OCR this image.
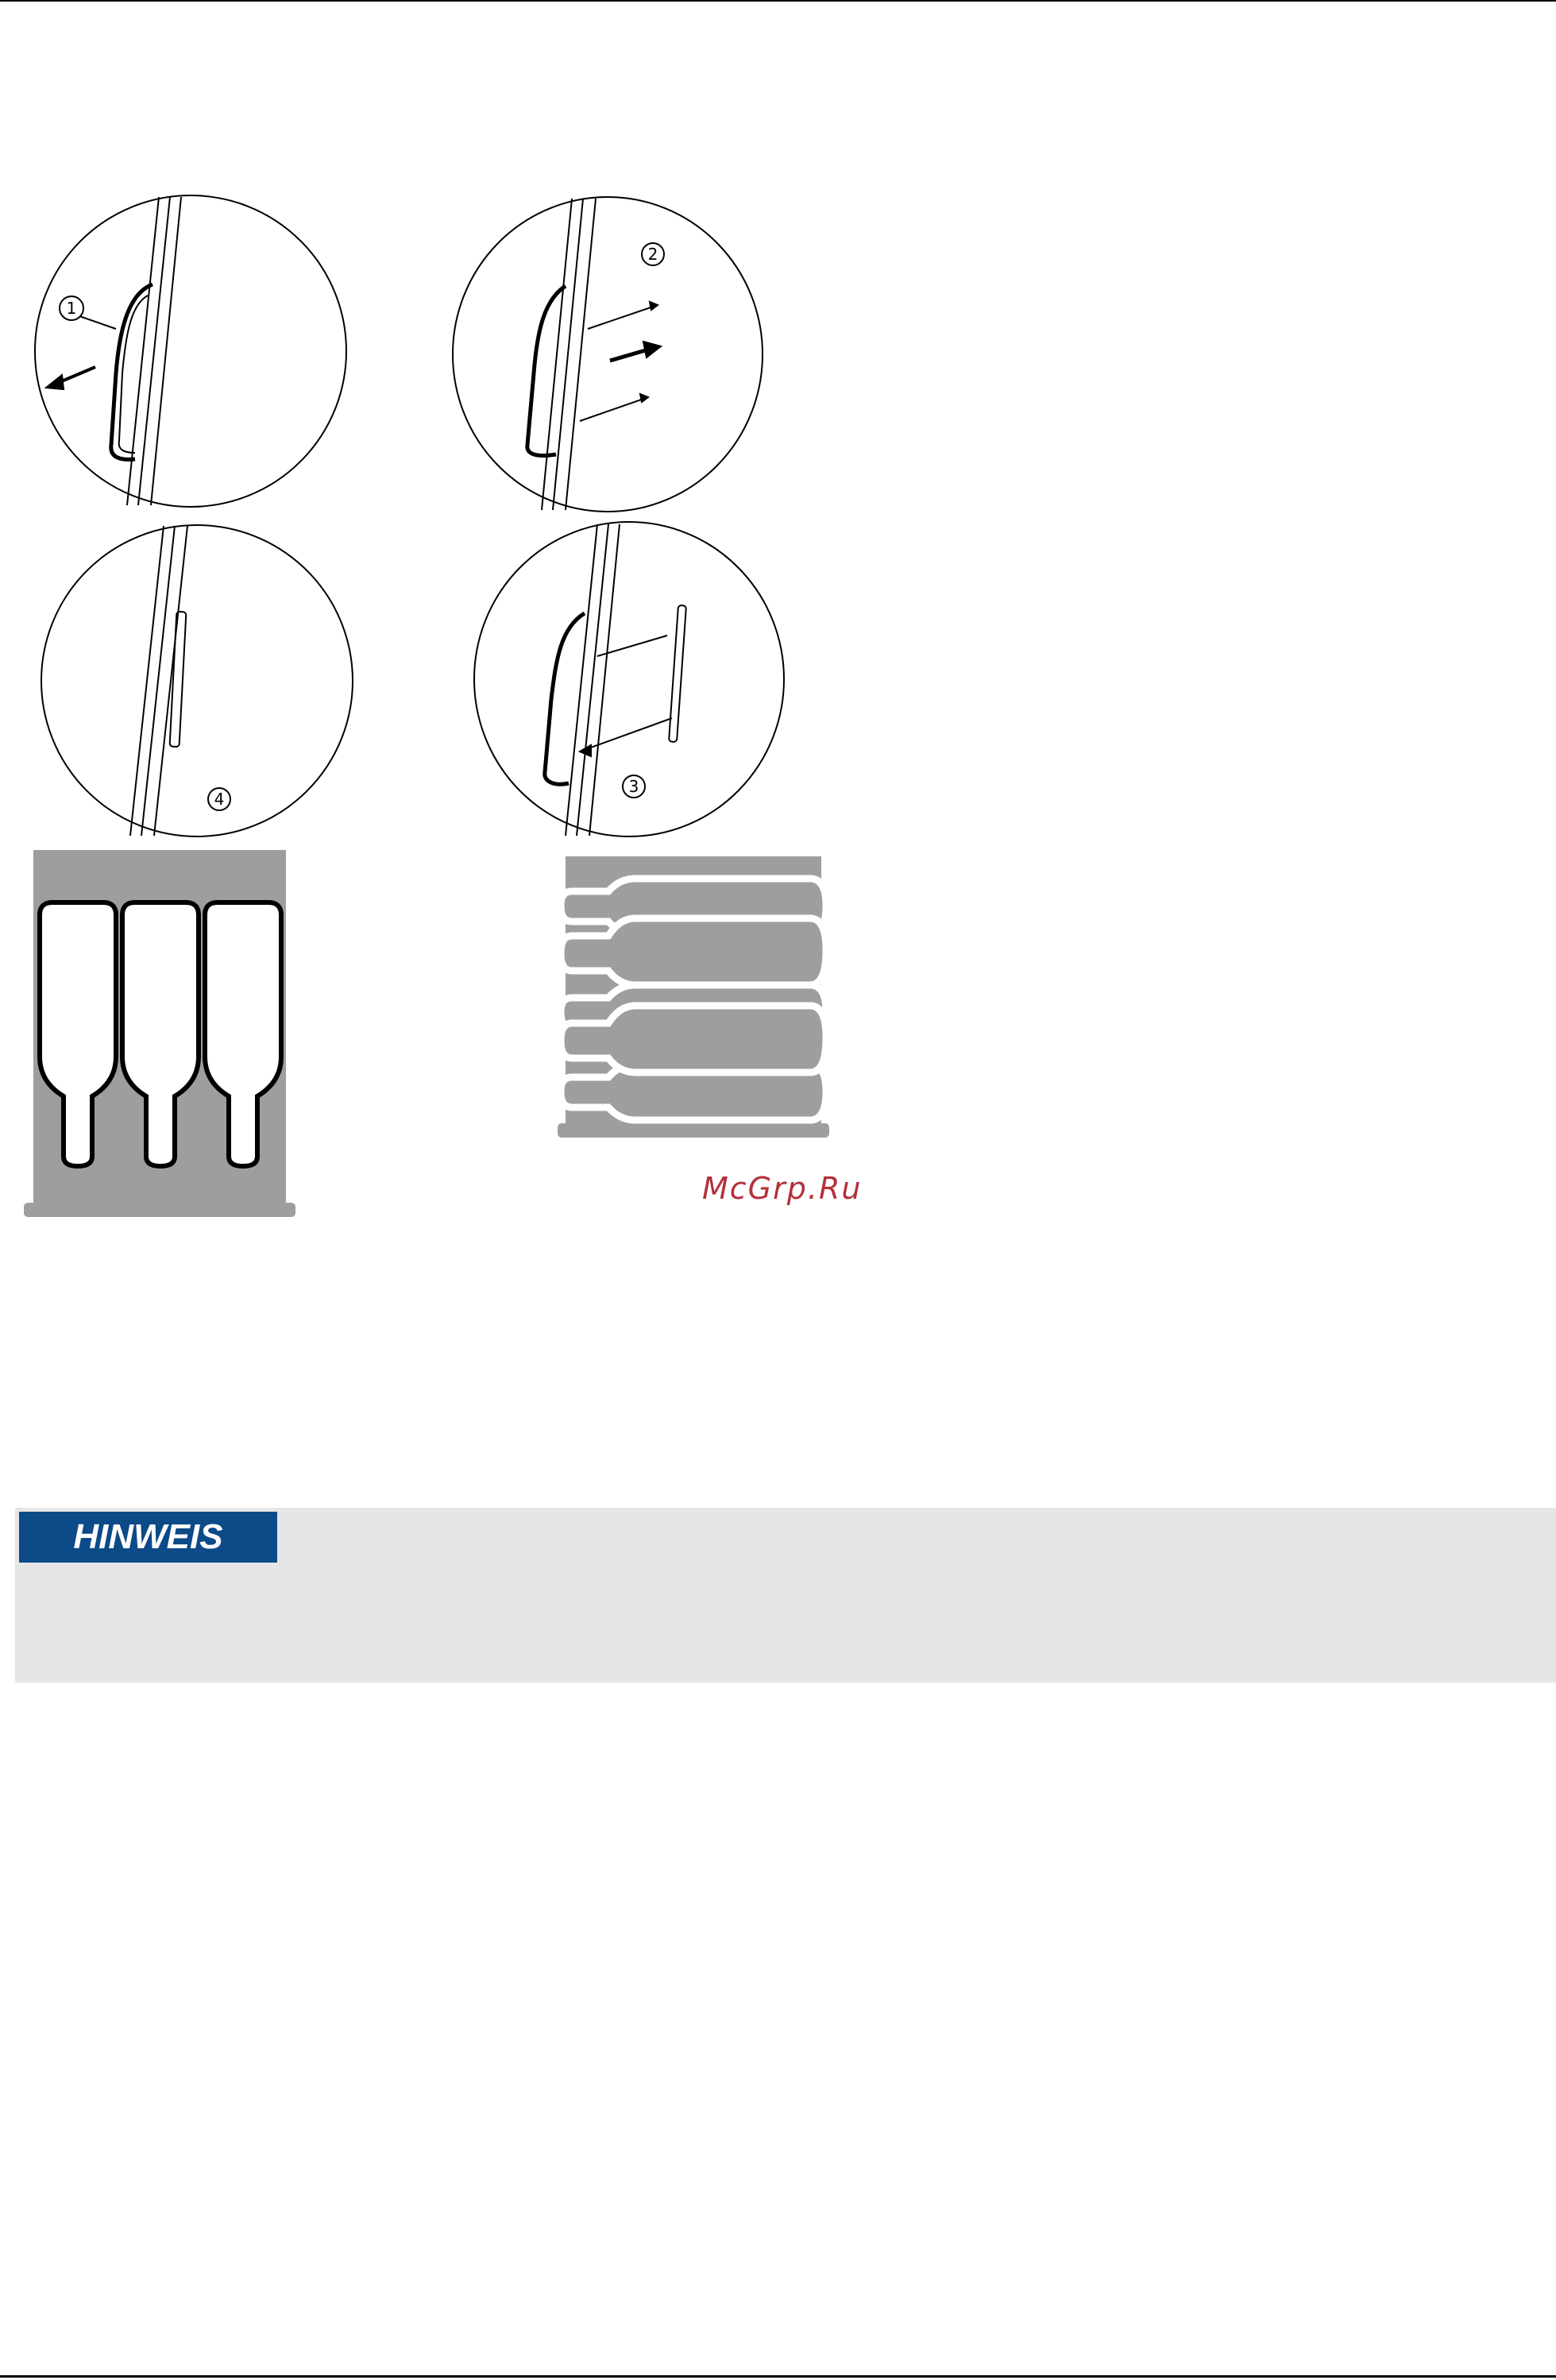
1
2
4
3
McGrp.Ru
HINWEIS
